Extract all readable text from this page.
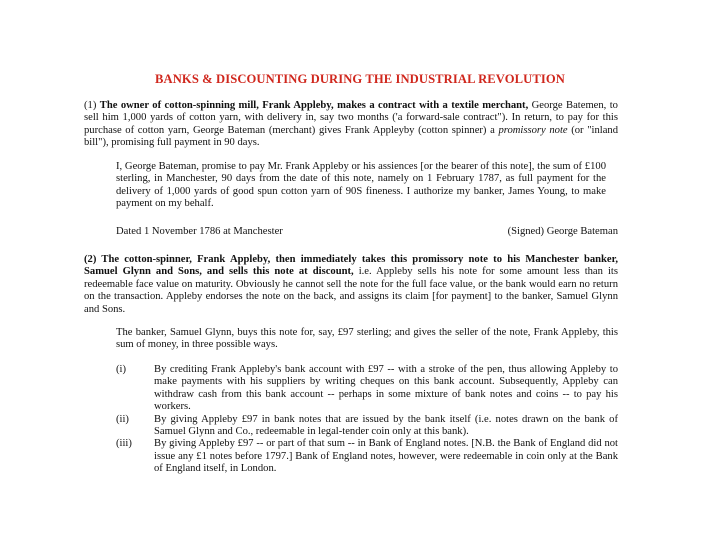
BANKS & DISCOUNTING DURING THE INDUSTRIAL REVOLUTION

(1) The owner of cotton-spinning mill, Frank Appleby, makes a contract with a textile merchant, George Batemen, to sell him 1,000 yards of cotton yarn, with delivery in, say two months ('a forward-sale contract"). In return, to pay for this purchase of cotton yarn, George Bateman (merchant) gives Frank Appleyby (cotton spinner) a promissory note (or "inland bill"), promising full payment in 90 days.

I, George Bateman, promise to pay Mr. Frank Appleby or his assiences [or the bearer of this note], the sum of £100 sterling, in Manchester, 90 days from the date of this note, namely on 1 February 1787, as full payment for the delivery of 1,000 yards of good spun cotton yarn of 90S fineness. I authorize my banker, James Young, to make payment on my behalf.

Dated 1 November 1786 at Manchester	(Signed) George Bateman

(2) The cotton-spinner, Frank Appleby, then immediately takes this promissory note to his Manchester banker, Samuel Glynn and Sons, and sells this note at discount, i.e. Appleby sells his note for some amount less than its redeemable face value on maturity. Obviously he cannot sell the note for the full face value, or the bank would earn no return on the transaction. Appleby endorses the note on the back, and assigns its claim [for payment] to the banker, Samuel Glynn and Sons.

The banker, Samuel Glynn, buys this note for, say, £97 sterling; and gives the seller of the note, Frank Appleby, this sum of money, in three possible ways.

(i)	By crediting Frank Appleby's bank account with £97 -- with a stroke of the pen, thus allowing Appleby to make payments with his suppliers by writing cheques on this bank account. Subsequently, Appleby can withdraw cash from this bank account -- perhaps in some mixture of bank notes and coins -- to pay his workers.
(ii)	By giving Appleby £97 in bank notes that are issued by the bank itself (i.e. notes drawn on the bank of Samuel Glynn and Co., redeemable in legal-tender coin only at this bank).
(iii)	By giving Appleby £97 -- or part of that sum -- in Bank of England notes. [N.B. the Bank of England did not issue any £1 notes before 1797.] Bank of England notes, however, were redeemable in coin only at the Bank of England itself, in London.
